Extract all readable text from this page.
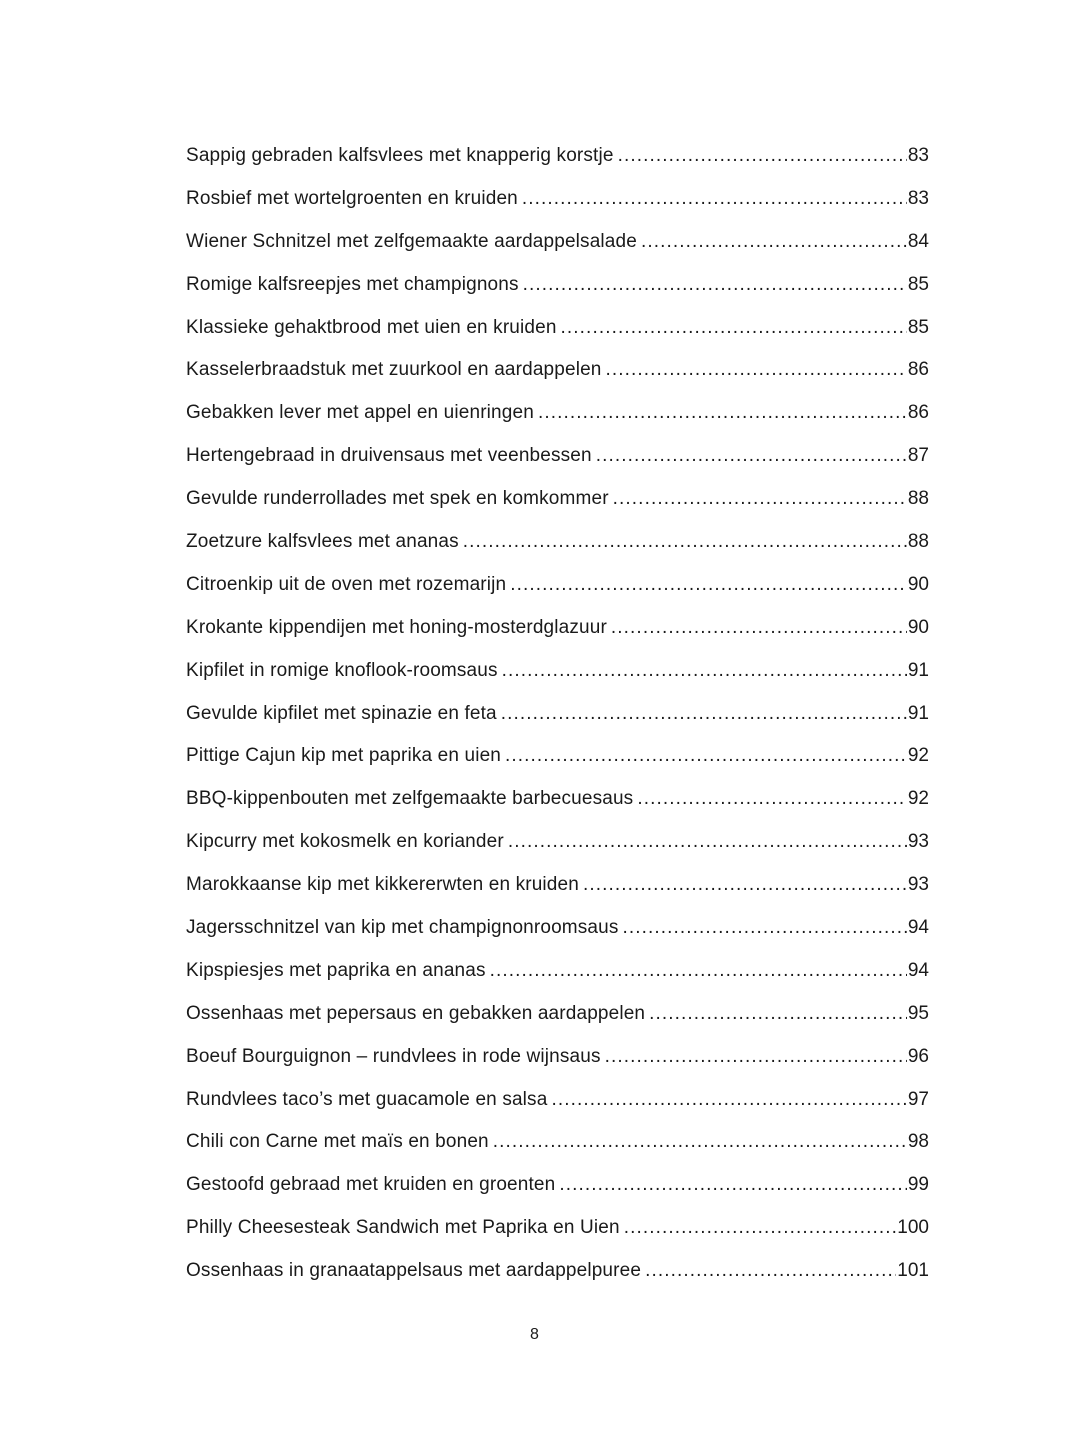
Sappig gebraden kalfsvlees met knapperig korstje .....	83
Rosbief met wortelgroenten en kruiden .....	83
Wiener Schnitzel met zelfgemaakte aardappelsalade .....	84
Romige kalfsreepjes met champignons .....	85
Klassieke gehaktbrood met uien en kruiden .....	85
Kasselerbraadstuk met zuurkool en aardappelen .....	86
Gebakken lever met appel en uienringen .....	86
Hertengebraad in druivensaus met veenbessen .....	87
Gevulde runderrollades met spek en komkommer .....	88
Zoetzure kalfsvlees met ananas .....	88
Citroenkip uit de oven met rozemarijn .....	90
Krokante kippendijen met honing-mosterdglazuur .....	90
Kipfilet in romige knoflook-roomsaus .....	91
Gevulde kipfilet met spinazie en feta .....	91
Pittige Cajun kip met paprika en uien .....	92
BBQ-kippenbouten met zelfgemaakte barbecuesaus .....	92
Kipcurry met kokosmelk en koriander .....	93
Marokkaanse kip met kikkererwten en kruiden .....	93
Jagersschnitzel van kip met champignonroomsaus .....	94
Kipspiesjes met paprika en ananas .....	94
Ossenhaas met pepersaus en gebakken aardappelen .....	95
Boeuf Bourguignon – rundvlees in rode wijnsaus .....	96
Rundvlees taco’s met guacamole en salsa .....	97
Chili con Carne met maïs en bonen .....	98
Gestoofd gebraad met kruiden en groenten .....	99
Philly Cheesesteak Sandwich met Paprika en Uien .....	100
Ossenhaas in granaatappelsaus met aardappelpuree .....	101
8
